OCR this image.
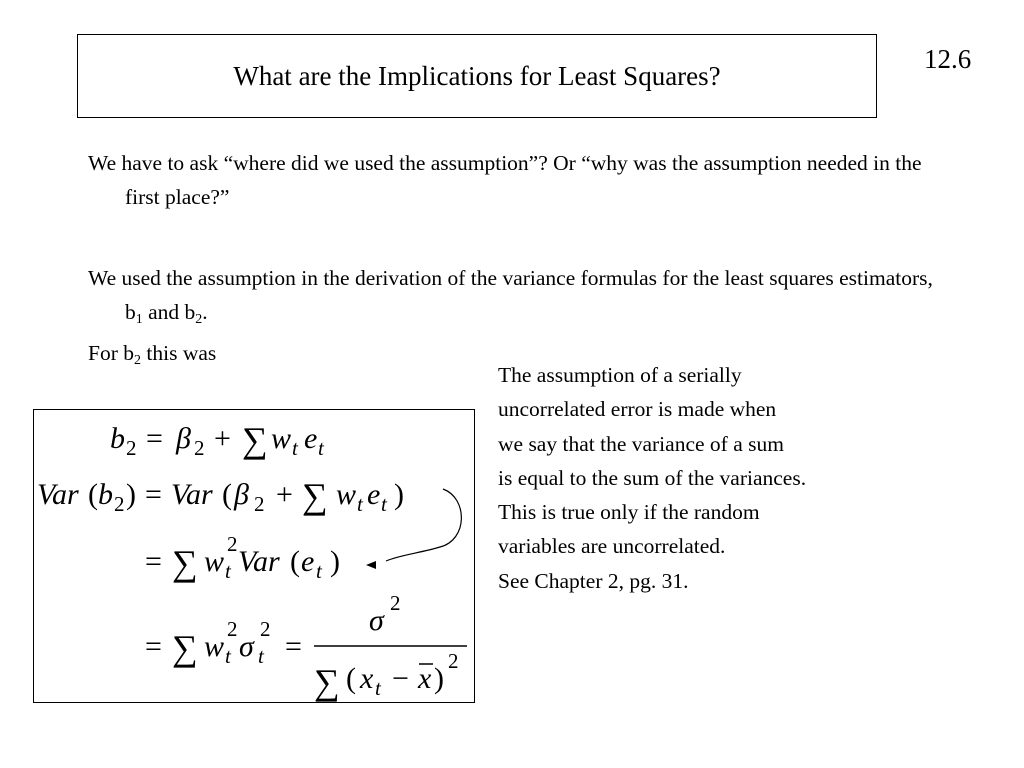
What are the Implications for Least Squares?
12.6
We have to ask “where did we used the assumption”? Or “why was the assumption needed in the first place?”
We used the assumption in the derivation of the variance formulas for the least squares estimators, $b_1$ and $b_2$.
For $b_2$ this was
The assumption of a serially
uncorrelated error is made when
we say that the variance of a sum
is equal to the sum of the variances.
This is true only if the random
variables are uncorrelated.
See Chapter 2, pg. 31.
b 2 = β 2 + ∑ w t e t
Var ( b 2 ) = Var ( β 2 + ∑ w t e t )
= ∑ w
2
t Var ( e t )
= ∑ w
2
t σ
2
t =
σ
2
∑ ( x t − x )
2
